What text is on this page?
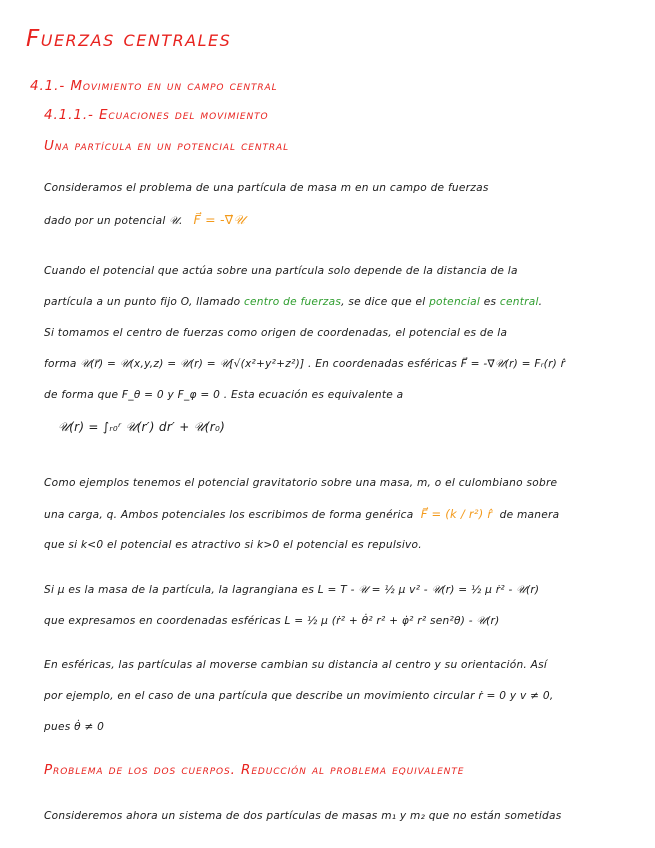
Fuerzas centrales
4.1.- Movimiento en un campo central
4.1.1.- Ecuaciones del movimiento
Una partícula en un potencial central
Consideramos el problema de una partícula de masa m en un campo de fuerzas
dado por un potencial 𝒰. F⃗ = -∇⃗𝒰
Cuando el potencial que actúa sobre una partícula solo depende de la distancia de la
partícula a un punto fijo O, llamado centro de fuerzas, se dice que el potencial es central.
Si tomamos el centro de fuerzas como origen de coordenadas, el potencial es de la
forma 𝒰(r⃗) = 𝒰(x,y,z) = 𝒰(r) = 𝒰[√(x²+y²+z²)] . En coordenadas esféricas F⃗ = -∇⃗𝒰(r) = Fᵣ(r) r̂
de forma que F_θ = 0 y F_φ = 0 . Esta ecuación es equivalente a
𝒰(r) = ∫ᵣ₀ʳ 𝒰(r′) dr′ + 𝒰(r₀)
Como ejemplos tenemos el potencial gravitatorio sobre una masa, m, o el culombiano sobre
una carga, q. Ambos potenciales los escribimos de forma genérica F⃗ = (k / r²) r̂ de manera
que si k<0 el potencial es atractivo si k>0 el potencial es repulsivo.
Si μ es la masa de la partícula, la lagrangiana es L = T - 𝒰 = ½ μ v² - 𝒰(r) = ½ μ ṙ² - 𝒰(r)
que expresamos en coordenadas esféricas L = ½ μ (ṙ² + θ̇² r² + φ̇² r² sen²θ) - 𝒰(r)
En esféricas, las partículas al moverse cambian su distancia al centro y su orientación. Así
por ejemplo, en el caso de una partícula que describe un movimiento circular ṙ = 0 y v ≠ 0,
pues θ̇ ≠ 0
Problema de los dos cuerpos. Reducción al problema equivalente
Consideremos ahora un sistema de dos partículas de masas m₁ y m₂ que no están sometidas
